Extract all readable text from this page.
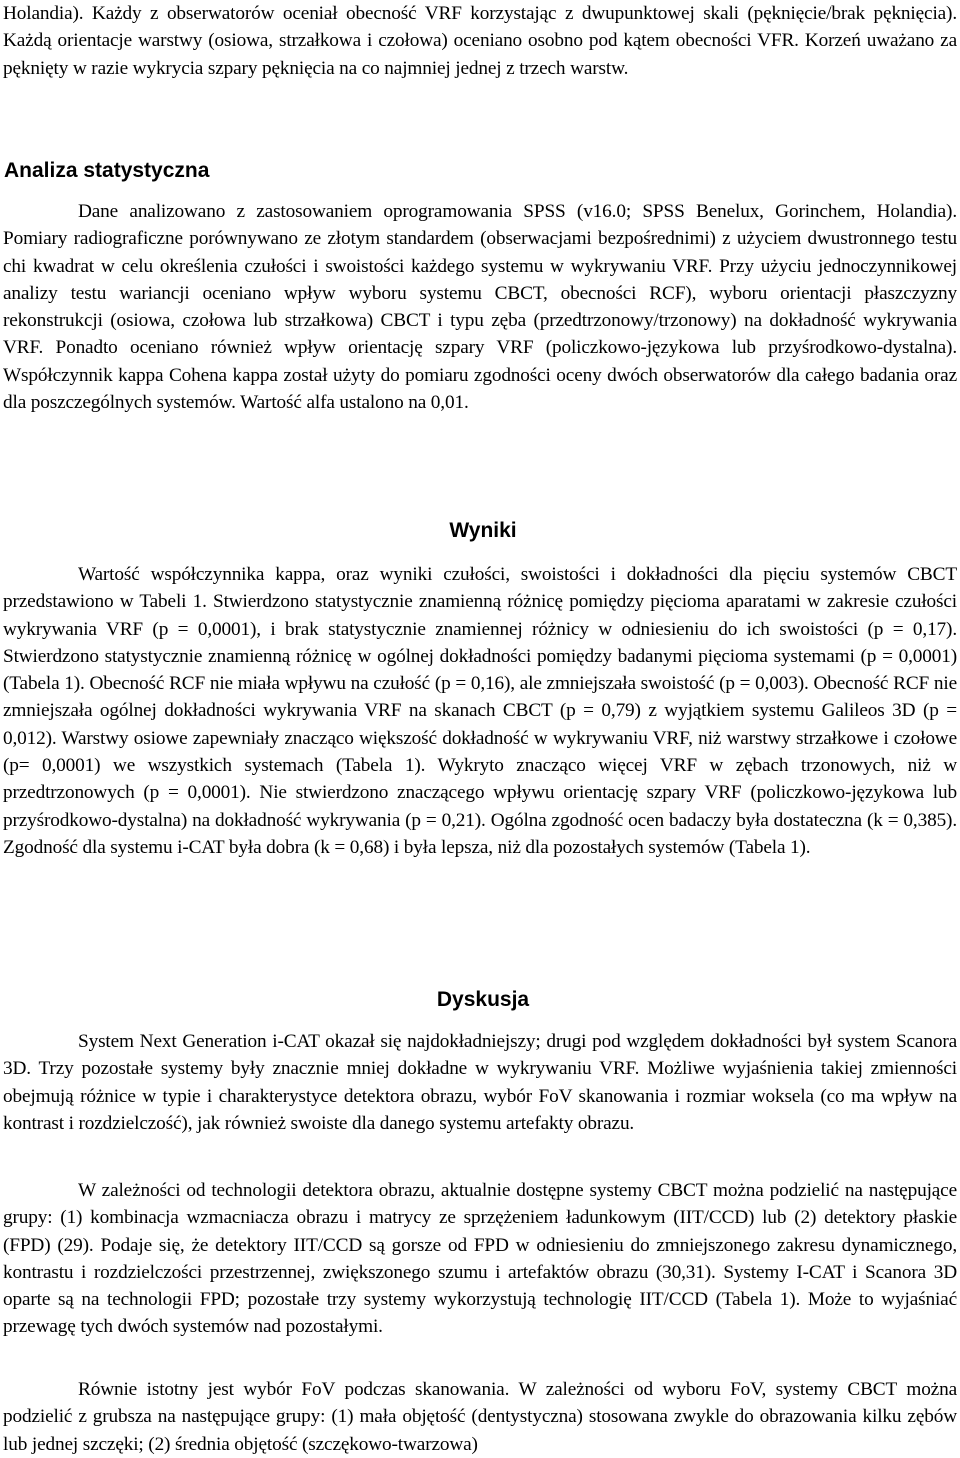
Holandia). Każdy z obserwatorów oceniał obecność VRF korzystając z dwupunktowej skali (pęknięcie/brak pęknięcia). Każdą orientacje warstwy (osiowa, strzałkowa i czołowa) oceniano osobno pod kątem obecności VFR. Korzeń uważano za pęknięty w razie wykrycia szpary pęknięcia na co najmniej jednej z trzech warstw.

Analiza statystyczna

Dane analizowano z zastosowaniem oprogramowania SPSS (v16.0; SPSS Benelux, Gorinchem, Holandia). Pomiary radiograficzne porównywano ze złotym standardem (obserwacjami bezpośrednimi) z użyciem dwustronnego testu chi kwadrat w celu określenia czułości i swoistości każdego systemu w wykrywaniu VRF. Przy użyciu jednoczynnikowej analizy testu wariancji oceniano wpływ wyboru systemu CBCT, obecności RCF), wyboru orientacji płaszczyzny rekonstrukcji (osiowa, czołowa lub strzałkowa) CBCT i typu zęba (przedtrzonowy/trzonowy) na dokładność wykrywania VRF. Ponadto oceniano również wpływ orientację szpary VRF (policzkowo-językowa lub przyśrodkowo-dystalna). Współczynnik kappa Cohena kappa został użyty do pomiaru zgodności oceny dwóch obserwatorów dla całego badania oraz dla poszczególnych systemów. Wartość alfa ustalono na 0,01.

Wyniki

Wartość współczynnika kappa, oraz wyniki czułości, swoistości i dokładności dla pięciu systemów CBCT przedstawiono w Tabeli 1. Stwierdzono statystycznie znamienną różnicę pomiędzy pięcioma aparatami w zakresie czułości wykrywania VRF (p = 0,0001), i brak statystycznie znamiennej różnicy w odniesieniu do ich swoistości (p = 0,17). Stwierdzono statystycznie znamienną różnicę w ogólnej dokładności pomiędzy badanymi pięcioma systemami (p = 0,0001) (Tabela 1). Obecność RCF nie miała wpływu na czułość (p = 0,16), ale zmniejszała swoistość (p = 0,003). Obecność RCF nie zmniejszała ogólnej dokładności wykrywania VRF na skanach CBCT (p = 0,79) z wyjątkiem systemu Galileos 3D (p = 0,012). Warstwy osiowe zapewniały znacząco większość dokładność w wykrywaniu VRF, niż warstwy strzałkowe i czołowe (p= 0,0001) we wszystkich systemach (Tabela 1). Wykryto znacząco więcej VRF w zębach trzonowych, niż w przedtrzonowych (p = 0,0001). Nie stwierdzono znaczącego wpływu orientację szpary VRF (policzkowo-językowa lub przyśrodkowo-dystalna) na dokładność wykrywania (p = 0,21). Ogólna zgodność ocen badaczy była dostateczna (k = 0,385). Zgodność dla systemu i-CAT była dobra (k = 0,68) i była lepsza, niż dla pozostałych systemów (Tabela 1).

Dyskusja

System Next Generation i-CAT okazał się najdokładniejszy; drugi pod względem dokładności był system Scanora 3D. Trzy pozostałe systemy były znacznie mniej dokładne w wykrywaniu VRF. Możliwe wyjaśnienia takiej zmienności obejmują różnice w typie i charakterystyce detektora obrazu, wybór FoV skanowania i rozmiar woksela (co ma wpływ na kontrast i rozdzielczość), jak również swoiste dla danego systemu artefakty obrazu.

W zależności od technologii detektora obrazu, aktualnie dostępne systemy CBCT można podzielić na następujące grupy: (1) kombinacja wzmacniacza obrazu i matrycy ze sprzężeniem ładunkowym (IIT/CCD) lub (2) detektory płaskie (FPD) (29). Podaje się, że detektory IIT/CCD są gorsze od FPD w odniesieniu do zmniejszonego zakresu dynamicznego, kontrastu i rozdzielczości przestrzennej, zwiększonego szumu i artefaktów obrazu (30,31). Systemy I-CAT i Scanora 3D oparte są na technologii FPD; pozostałe trzy systemy wykorzystują technologię IIT/CCD (Tabela 1). Może to wyjaśniać przewagę tych dwóch systemów nad pozostałymi.

Równie istotny jest wybór FoV podczas skanowania. W zależności od wyboru FoV, systemy CBCT można podzielić z grubsza na następujące grupy: (1) mała objętość (dentystyczna) stosowana zwykle do obrazowania kilku zębów lub jednej szczęki; (2) średnia objętość (szczękowo-twarzowa)
